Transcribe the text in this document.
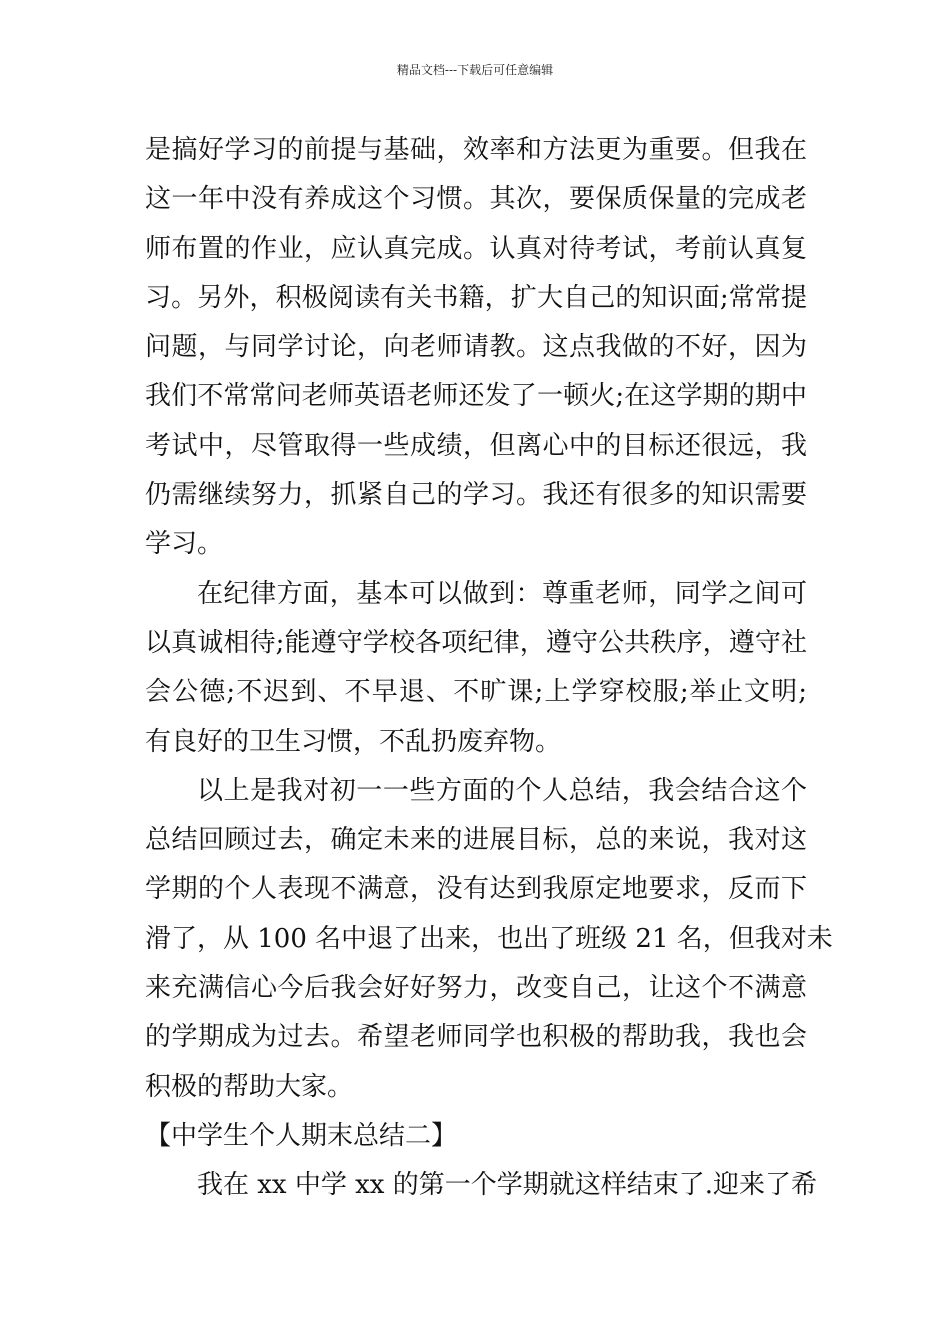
精品文档---下载后可任意编辑
是搞好学习的前提与基础，效率和方法更为重要。但我在
这一年中没有养成这个习惯。其次，要保质保量的完成老
师布置的作业，应认真完成。认真对待考试，考前认真复
习。另外，积极阅读有关书籍，扩大自己的知识面;常常提
问题，与同学讨论，向老师请教。这点我做的不好，因为
我们不常常问老师英语老师还发了一顿火;在这学期的期中
考试中，尽管取得一些成绩，但离心中的目标还很远，我
仍需继续努力，抓紧自己的学习。我还有很多的知识需要
学习。
在纪律方面，基本可以做到：尊重老师，同学之间可
以真诚相待;能遵守学校各项纪律，遵守公共秩序，遵守社
会公德;不迟到、不早退、不旷课;上学穿校服;举止文明;
有良好的卫生习惯，不乱扔废弃物。
以上是我对初一一些方面的个人总结，我会结合这个
总结回顾过去，确定未来的进展目标，总的来说，我对这
学期的个人表现不满意，没有达到我原定地要求，反而下
滑了，从 100 名中退了出来，也出了班级 21 名，但我对未
来充满信心今后我会好好努力，改变自己，让这个不满意
的学期成为过去。希望老师同学也积极的帮助我，我也会
积极的帮助大家。
【中学生个人期末总结二】
我在 xx 中学 xx 的第一个学期就这样结束了.迎来了希
